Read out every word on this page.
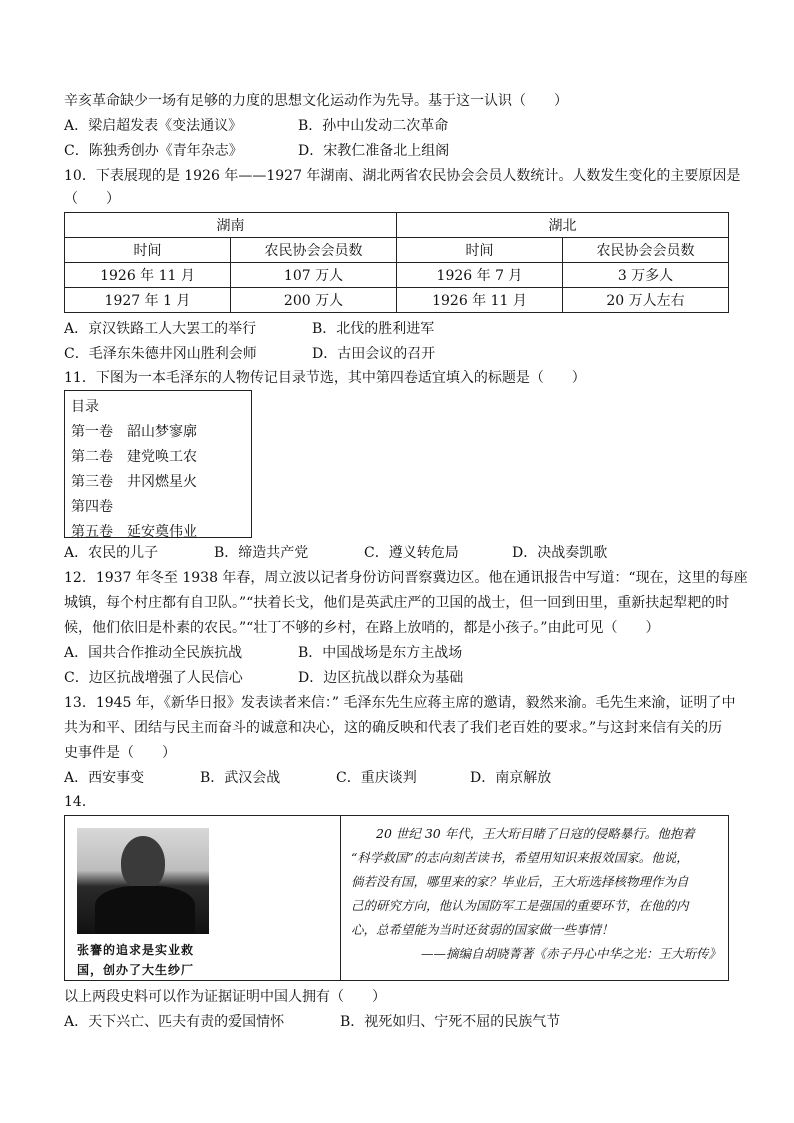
辛亥革命缺少一场有足够的力度的思想文化运动作为先导。基于这一认识（　　）
A．梁启超发表《变法通议》	B．孙中山发动二次革命
C．陈独秀创办《青年杂志》	D．宋教仁准备北上组阁
10．下表展现的是 1926 年——1927 年湖南、湖北两省农民协会会员人数统计。人数发生变化的主要原因是
（　　）
湖南		湖北	
时间	农民协会会员数	时间	农民协会会员数
1926 年 11 月	107 万人	1926 年 7 月	3 万多人
1927 年 1 月	200 万人	1926 年 11 月	20 万人左右
A．京汉铁路工人大罢工的举行	B．北伐的胜利进军
C．毛泽东朱德井冈山胜利会师	D．古田会议的召开
11．下图为一本毛泽东的人物传记目录节选，其中第四卷适宜填入的标题是（　　）
目录
第一卷 韶山梦寥廓
第二卷 建党唤工农
第三卷 井冈燃星火
第四卷
第五卷 延安奠伟业
A．农民的儿子	B．缔造共产党	C．遵义转危局	D．决战奏凯歌
12．1937 年冬至 1938 年春，周立波以记者身份访问晋察冀边区。他在通讯报告中写道：“现在，这里的每座
城镇，每个村庄都有自卫队。”“扶着长戈，他们是英武庄严的卫国的战士，但一回到田里，重新扶起犁耙的时
候，他们依旧是朴素的农民。”“壮丁不够的乡村，在路上放哨的，都是小孩子。”由此可见（　　）
A．国共合作推动全民族抗战	B．中国战场是东方主战场
C．边区抗战增强了人民信心	D．边区抗战以群众为基础
13．1945 年，《新华日报》发表读者来信：” 毛泽东先生应蒋主席的邀请，毅然来渝。毛先生来渝，证明了中
共为和平、团结与民主而奋斗的诚意和决心，这的确反映和代表了我们老百姓的要求。”与这封来信有关的历
史事件是（　　）
A．西安事变	B．武汉会战	C．重庆谈判	D．南京解放
14．
张謇的追求是实业救
国，创办了大生纱厂

　　20 世纪 30 年代，王大珩目睹了日寇的侵略暴行。他抱着

“科学救国”的志向刻苦读书，希望用知识来报效国家。他说，

倘若没有国，哪里来的家？毕业后，王大珩选择核物理作为自

己的研究方向，他认为国防军工是强国的重要环节，在他的内

心，总希望能为当时还贫弱的国家做一些事情！

——摘编自胡晓菁著《赤子丹心中华之光：王大珩传》

以上两段史料可以作为证据证明中国人拥有（　　）
A．天下兴亡、匹夫有责的爱国情怀	B．视死如归、宁死不屈的民族气节
